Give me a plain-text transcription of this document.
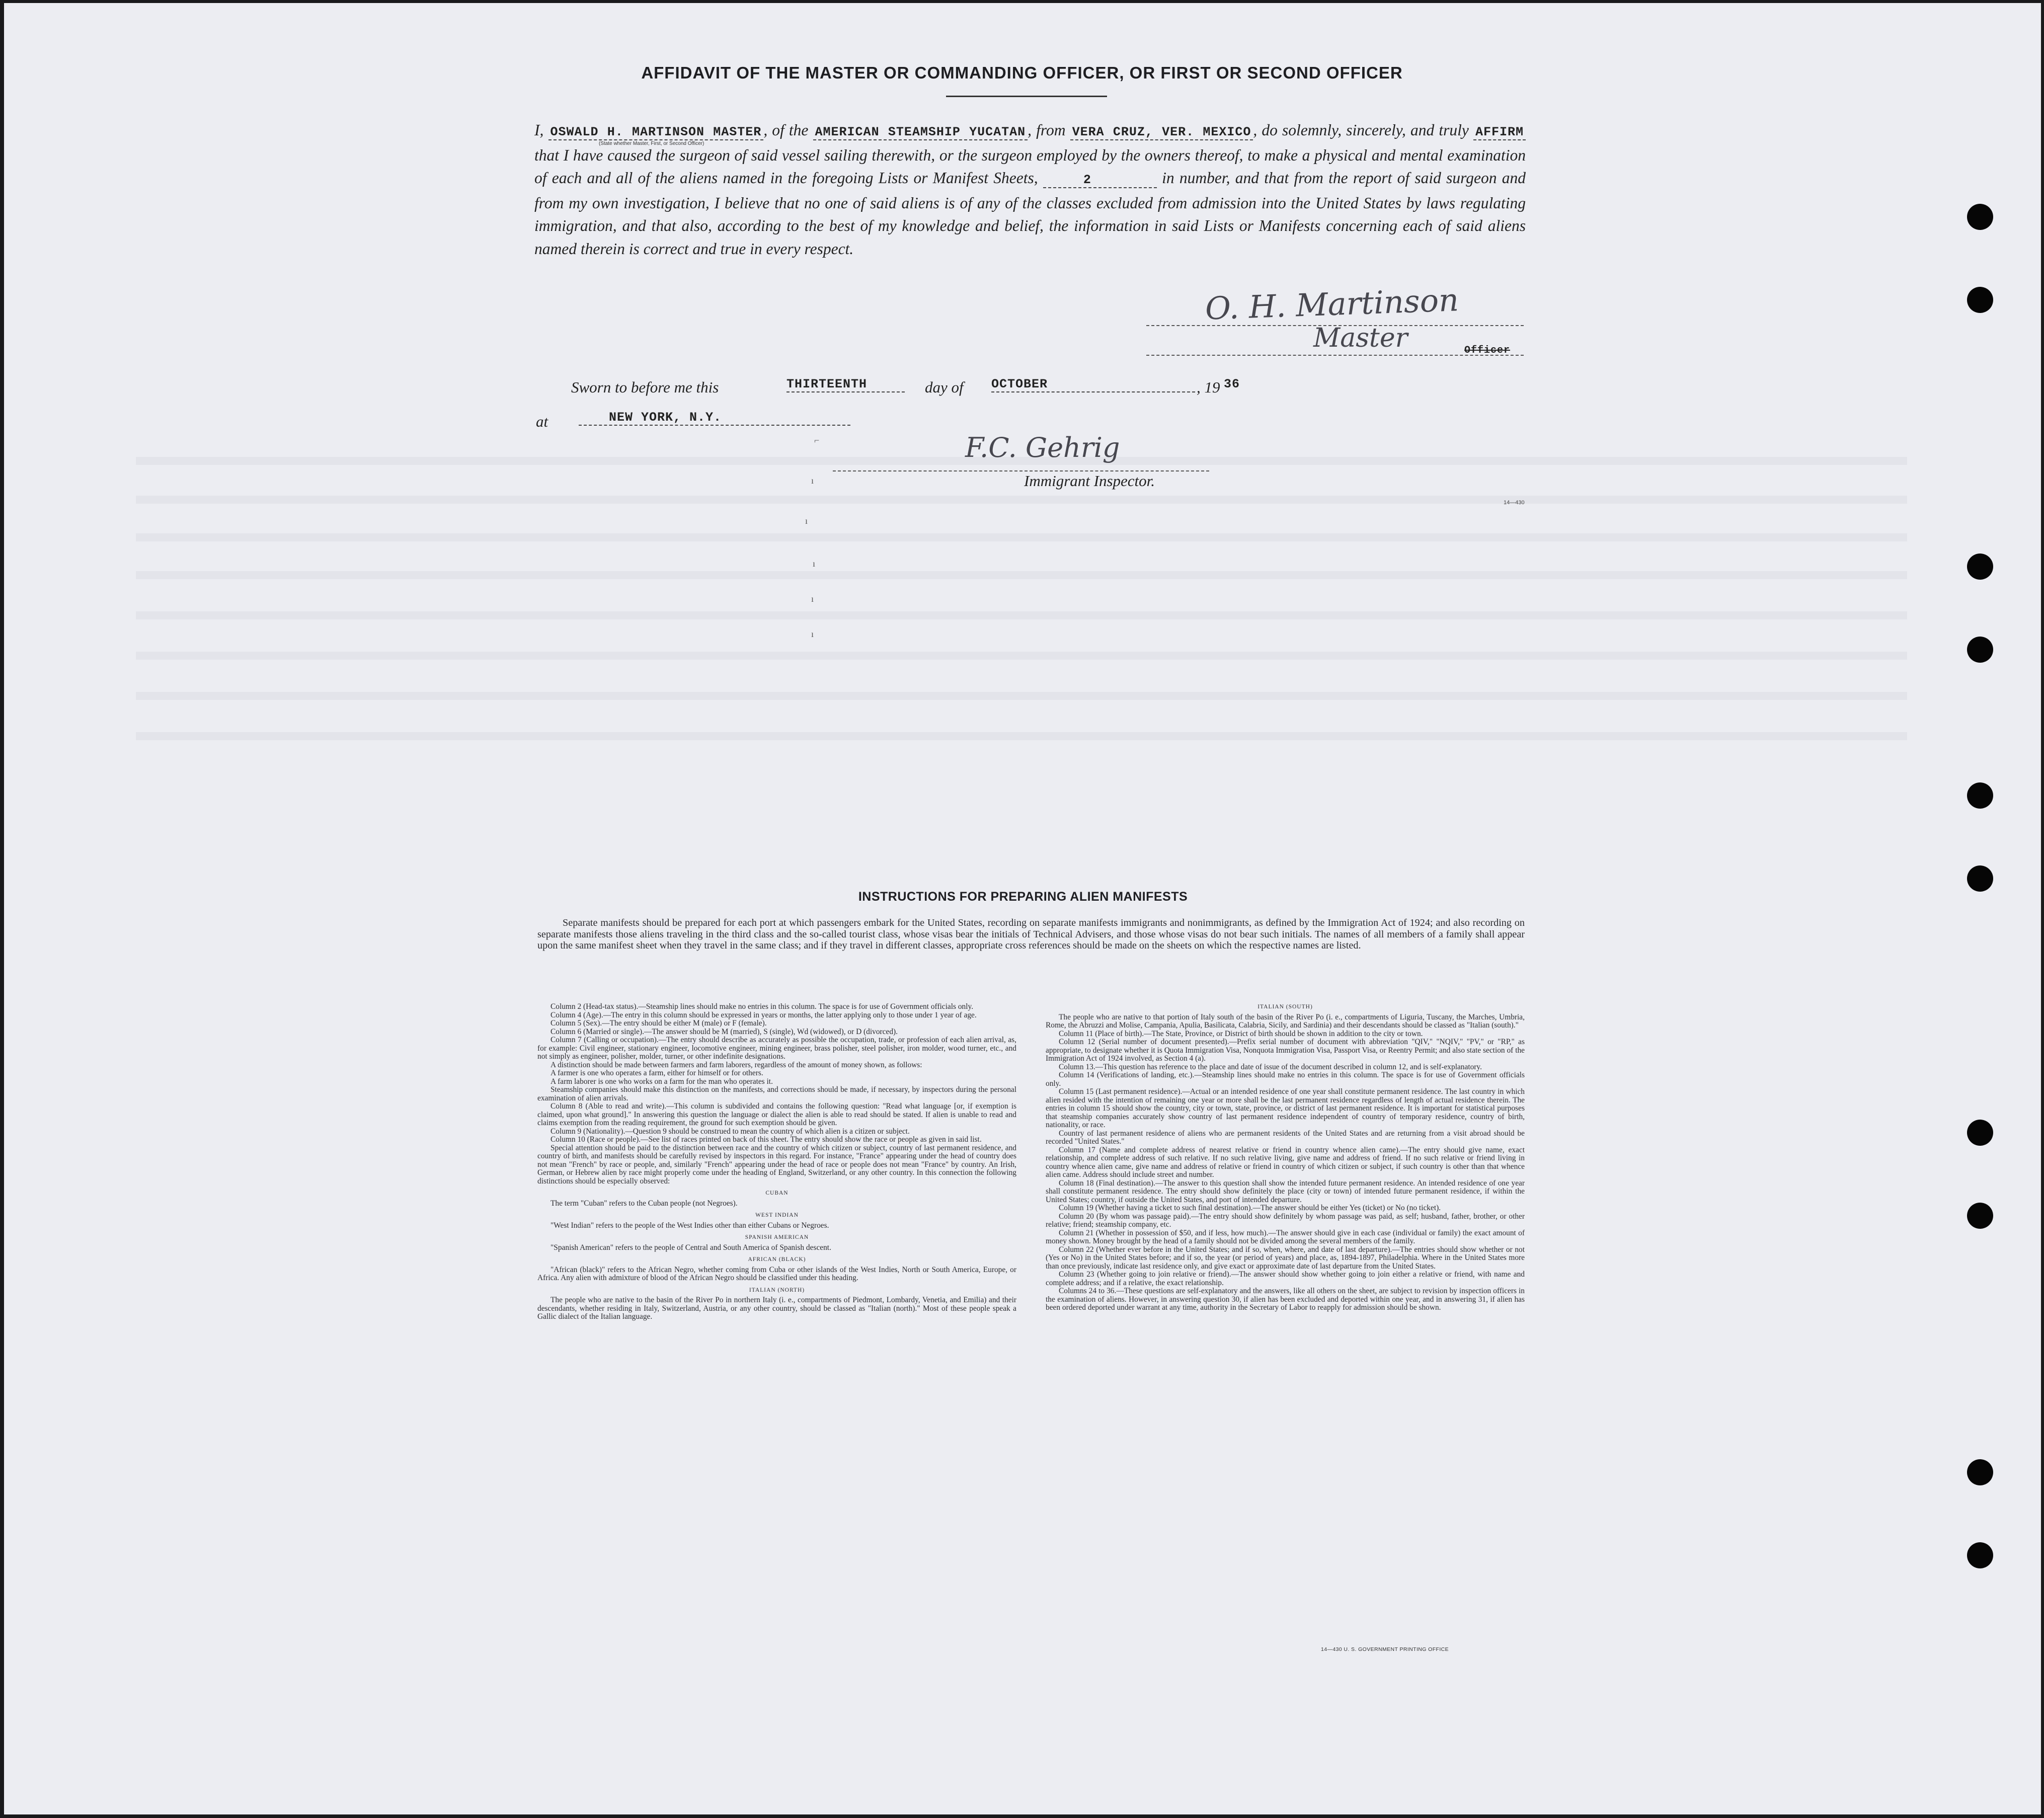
AFFIDAVIT OF THE MASTER OR COMMANDING OFFICER, OR FIRST OR SECOND OFFICER
I, OSWALD H. MARTINSON MASTER , of the AMERICAN STEAMSHIP YUCATAN , from VERA CRUZ, VER. MEXICO , do solemnly, sincerely, and truly AFFIRM that I have caused the surgeon of said vessel sailing therewith, or the surgeon employed by the owners thereof, to make a physical and mental examination of each and all of the aliens named in the foregoing Lists or Manifest Sheets,	2	in number, and that from the report of said surgeon and from my own investigation, I believe that no one of said aliens is of any of the classes excluded from admission into the United States by laws regulating immigration, and that also, according to the best of my knowledge and belief, the information in said Lists or Manifests concerning each of said aliens named therein is correct and true in every respect.
(State whether Master, First, or Second Officer)
O. H. Martinson
Master	Officer
Sworn to before me this	THIRTEENTH	day of OCTOBER	, 19 36
at	NEW YORK, N.Y.
F.C. Gehrig
Immigrant Inspector.
14—430
⌐
ı
ı
ı
ı
ı
INSTRUCTIONS FOR PREPARING ALIEN MANIFESTS
Separate manifests should be prepared for each port at which passengers embark for the United States, recording on separate manifests immigrants and nonimmigrants, as defined by the Immigration Act of 1924; and also recording on separate manifests those aliens traveling in the third class and the so-called tourist class, whose visas bear the initials of Technical Advisers, and those whose visas do not bear such initials. The names of all members of a family shall appear upon the same manifest sheet when they travel in the same class; and if they travel in different classes, appropriate cross references should be made on the sheets on which the respective names are listed.

Column 2 (Head-tax status).—Steamship lines should make no entries in this column. The space is for use of Government officials only.

Column 4 (Age).—The entry in this column should be expressed in years or months, the latter applying only to those under 1 year of age.

Column 5 (Sex).—The entry should be either M (male) or F (female).

Column 6 (Married or single).—The answer should be M (married), S (single), Wd (widowed), or D (divorced).

Column 7 (Calling or occupation).—The entry should describe as accurately as possible the occupation, trade, or profession of each alien arrival, as, for example: Civil engineer, stationary engineer, locomotive engineer, mining engineer, brass polisher, steel polisher, iron molder, wood turner, etc., and not simply as engineer, polisher, molder, turner, or other indefinite designations.

A distinction should be made between farmers and farm laborers, regardless of the amount of money shown, as follows:

A farmer is one who operates a farm, either for himself or for others.

A farm laborer is one who works on a farm for the man who operates it.

Steamship companies should make this distinction on the manifests, and corrections should be made, if necessary, by inspectors during the personal examination of alien arrivals.

Column 8 (Able to read and write).—This column is subdivided and contains the following question: "Read what language [or, if exemption is claimed, upon what ground]." In answering this question the language or dialect the alien is able to read should be stated. If alien is unable to read and claims exemption from the reading requirement, the ground for such exemption should be given.

Column 9 (Nationality).—Question 9 should be construed to mean the country of which alien is a citizen or subject.

Column 10 (Race or people).—See list of races printed on back of this sheet. The entry should show the race or people as given in said list.

Special attention should be paid to the distinction between race and the country of which citizen or subject, country of last permanent residence, and country of birth, and manifests should be carefully revised by inspectors in this regard. For instance, "France" appearing under the head of country does not mean "French" by race or people, and, similarly "French" appearing under the head of race or people does not mean "France" by country. An Irish, German, or Hebrew alien by race might properly come under the heading of England, Switzerland, or any other country. In this connection the following distinctions should be especially observed:

CUBAN

The term "Cuban" refers to the Cuban people (not Negroes).

WEST INDIAN

"West Indian" refers to the people of the West Indies other than either Cubans or Negroes.

SPANISH AMERICAN

"Spanish American" refers to the people of Central and South America of Spanish descent.

AFRICAN (BLACK)

"African (black)" refers to the African Negro, whether coming from Cuba or other islands of the West Indies, North or South America, Europe, or Africa. Any alien with admixture of blood of the African Negro should be classified under this heading.

ITALIAN (NORTH)

The people who are native to the basin of the River Po in northern Italy (i. e., compartments of Piedmont, Lombardy, Venetia, and Emilia) and their descendants, whether residing in Italy, Switzerland, Austria, or any other country, should be classed as "Italian (north)." Most of these people speak a Gallic dialect of the Italian language.

ITALIAN (SOUTH)

The people who are native to that portion of Italy south of the basin of the River Po (i. e., compartments of Liguria, Tuscany, the Marches, Umbria, Rome, the Abruzzi and Molise, Campania, Apulia, Basilicata, Calabria, Sicily, and Sardinia) and their descendants should be classed as "Italian (south)."

Column 11 (Place of birth).—The State, Province, or District of birth should be shown in addition to the city or town.

Column 12 (Serial number of document presented).—Prefix serial number of document with abbreviation "QIV," "NQIV," "PV," or "RP," as appropriate, to designate whether it is Quota Immigration Visa, Nonquota Immigration Visa, Passport Visa, or Reentry Permit; and also state section of the Immigration Act of 1924 involved, as Section 4 (a).

Column 13.—This question has reference to the place and date of issue of the document described in column 12, and is self-explanatory.

Column 14 (Verifications of landing, etc.).—Steamship lines should make no entries in this column. The space is for use of Government officials only.

Column 15 (Last permanent residence).—Actual or an intended residence of one year shall constitute permanent residence. The last country in which alien resided with the intention of remaining one year or more shall be the last permanent residence regardless of length of actual residence therein. The entries in column 15 should show the country, city or town, state, province, or district of last permanent residence. It is important for statistical purposes that steamship companies accurately show country of last permanent residence independent of country of temporary residence, country of birth, nationality, or race.

Country of last permanent residence of aliens who are permanent residents of the United States and are returning from a visit abroad should be recorded "United States."

Column 17 (Name and complete address of nearest relative or friend in country whence alien came).—The entry should give name, exact relationship, and complete address of such relative. If no such relative living, give name and address of friend. If no such relative or friend living in country whence alien came, give name and address of relative or friend in country of which citizen or subject, if such country is other than that whence alien came. Address should include street and number.

Column 18 (Final destination).—The answer to this question shall show the intended future permanent residence. An intended residence of one year shall constitute permanent residence. The entry should show definitely the place (city or town) of intended future permanent residence, if within the United States; country, if outside the United States, and port of intended departure.

Column 19 (Whether having a ticket to such final destination).—The answer should be either Yes (ticket) or No (no ticket).

Column 20 (By whom was passage paid).—The entry should show definitely by whom passage was paid, as self; husband, father, brother, or other relative; friend; steamship company, etc.

Column 21 (Whether in possession of $50, and if less, how much).—The answer should give in each case (individual or family) the exact amount of money shown. Money brought by the head of a family should not be divided among the several members of the family.

Column 22 (Whether ever before in the United States; and if so, when, where, and date of last departure).—The entries should show whether or not (Yes or No) in the United States before; and if so, the year (or period of years) and place, as, 1894-1897, Philadelphia. Where in the United States more than once previously, indicate last residence only, and give exact or approximate date of last departure from the United States.

Column 23 (Whether going to join relative or friend).—The answer should show whether going to join either a relative or friend, with name and complete address; and if a relative, the exact relationship.

Columns 24 to 36.—These questions are self-explanatory and the answers, like all others on the sheet, are subject to revision by inspection officers in the examination of aliens. However, in answering question 30, if alien has been excluded and deported within one year, and in answering 31, if alien has been ordered deported under warrant at any time, authority in the Secretary of Labor to reapply for admission should be shown.

14—430 U. S. GOVERNMENT PRINTING OFFICE
